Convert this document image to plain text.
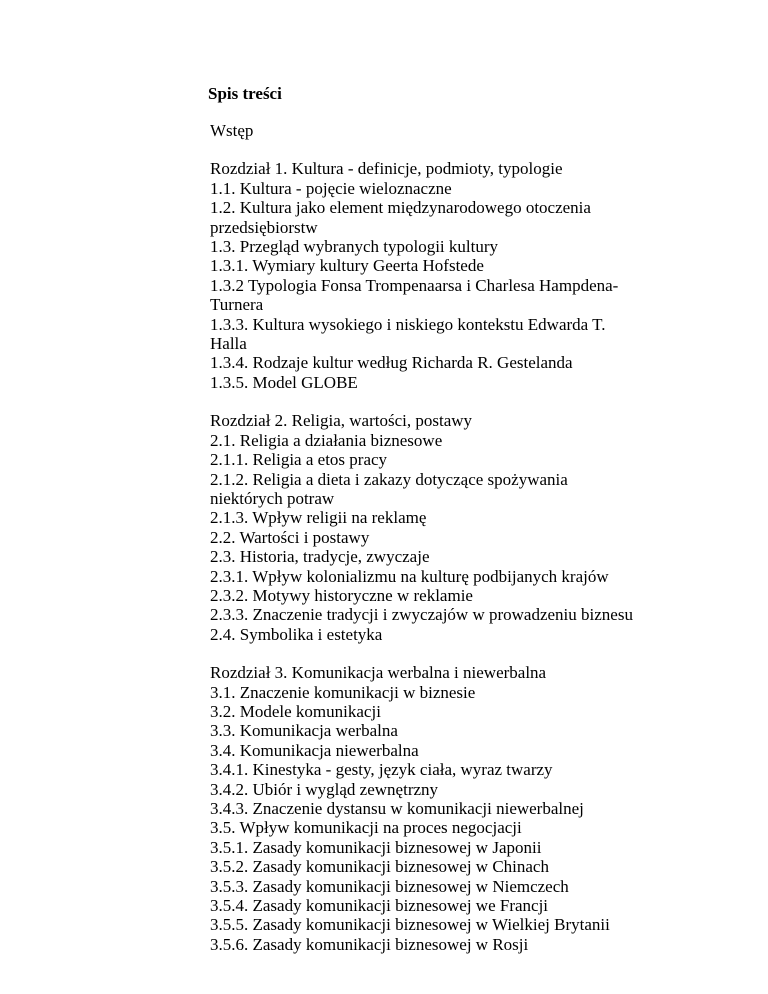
Spis treści
Wstęp
Rozdział 1. Kultura - definicje, podmioty, typologie
1.1. Kultura - pojęcie wieloznaczne
1.2. Kultura jako element międzynarodowego otoczenia
przedsiębiorstw
1.3. Przegląd wybranych typologii kultury
1.3.1. Wymiary kultury Geerta Hofstede
1.3.2 Typologia Fonsa Trompenaarsa i Charlesa Hampdena-
Turnera
1.3.3. Kultura wysokiego i niskiego kontekstu Edwarda T.
Halla
1.3.4. Rodzaje kultur według Richarda R. Gestelanda
1.3.5. Model GLOBE
Rozdział 2. Religia, wartości, postawy
2.1. Religia a działania biznesowe
2.1.1. Religia a etos pracy
2.1.2. Religia a dieta i zakazy dotyczące spożywania
niektórych potraw
2.1.3. Wpływ religii na reklamę
2.2. Wartości i postawy
2.3. Historia, tradycje, zwyczaje
2.3.1. Wpływ kolonializmu na kulturę podbijanych krajów
2.3.2. Motywy historyczne w reklamie
2.3.3. Znaczenie tradycji i zwyczajów w prowadzeniu biznesu
2.4. Symbolika i estetyka
Rozdział 3. Komunikacja werbalna i niewerbalna
3.1. Znaczenie komunikacji w biznesie
3.2. Modele komunikacji
3.3. Komunikacja werbalna
3.4. Komunikacja niewerbalna
3.4.1. Kinestyka - gesty, język ciała, wyraz twarzy
3.4.2. Ubiór i wygląd zewnętrzny
3.4.3. Znaczenie dystansu w komunikacji niewerbalnej
3.5. Wpływ komunikacji na proces negocjacji
3.5.1. Zasady komunikacji biznesowej w Japonii
3.5.2. Zasady komunikacji biznesowej w Chinach
3.5.3. Zasady komunikacji biznesowej w Niemczech
3.5.4. Zasady komunikacji biznesowej we Francji
3.5.5. Zasady komunikacji biznesowej w Wielkiej Brytanii
3.5.6. Zasady komunikacji biznesowej w Rosji
